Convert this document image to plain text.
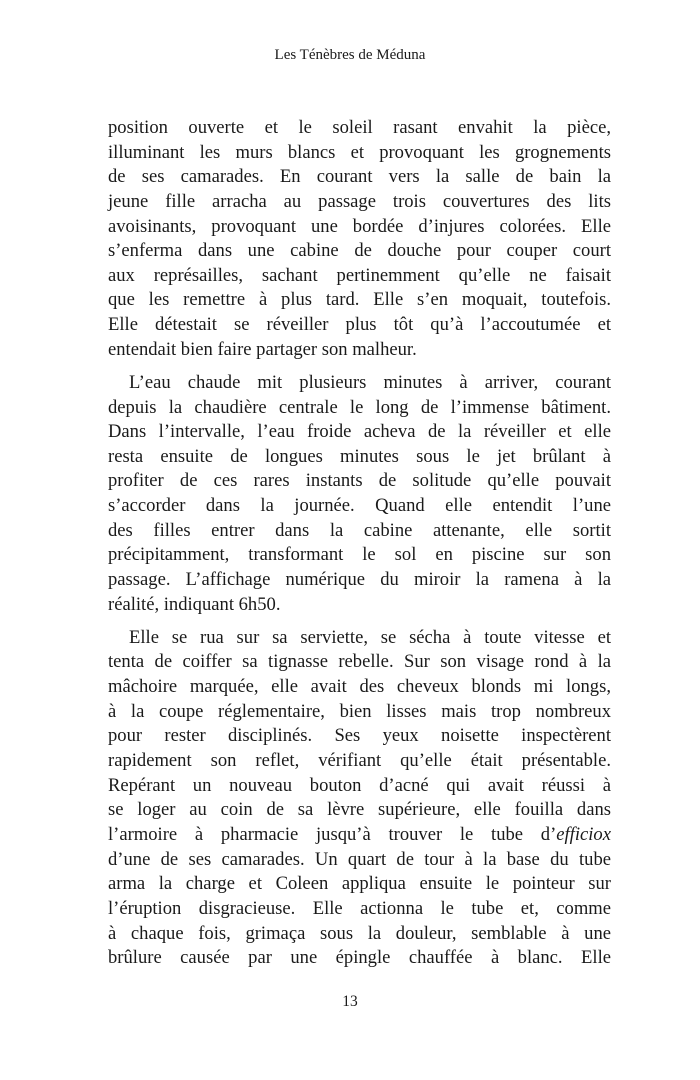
Les Ténèbres de Méduna
position ouverte et le soleil rasant envahit la pièce,
illuminant les murs blancs et provoquant les grognements
de ses camarades. En courant vers la salle de bain la
jeune fille arracha au passage trois couvertures des lits
avoisinants, provoquant une bordée d’injures colorées. Elle
s’enferma dans une cabine de douche pour couper court
aux représailles, sachant pertinemment qu’elle ne faisait
que les remettre à plus tard. Elle s’en moquait, toutefois.
Elle détestait se réveiller plus tôt qu’à l’accoutumée et
entendait bien faire partager son malheur.
L’eau chaude mit plusieurs minutes à arriver, courant
depuis la chaudière centrale le long de l’immense bâtiment.
Dans l’intervalle, l’eau froide acheva de la réveiller et elle
resta ensuite de longues minutes sous le jet brûlant à
profiter de ces rares instants de solitude qu’elle pouvait
s’accorder dans la journée. Quand elle entendit l’une
des filles entrer dans la cabine attenante, elle sortit
précipitamment, transformant le sol en piscine sur son
passage. L’affichage numérique du miroir la ramena à la
réalité, indiquant 6h50.
Elle se rua sur sa serviette, se sécha à toute vitesse et
tenta de coiffer sa tignasse rebelle. Sur son visage rond à la
mâchoire marquée, elle avait des cheveux blonds mi longs,
à la coupe réglementaire, bien lisses mais trop nombreux
pour rester disciplinés. Ses yeux noisette inspectèrent
rapidement son reflet, vérifiant qu’elle était présentable.
Repérant un nouveau bouton d’acné qui avait réussi à
se loger au coin de sa lèvre supérieure, elle fouilla dans
l’armoire à pharmacie jusqu’à trouver le tube d’efficiox
d’une de ses camarades. Un quart de tour à la base du tube
arma la charge et Coleen appliqua ensuite le pointeur sur
l’éruption disgracieuse. Elle actionna le tube et, comme
à chaque fois, grimaça sous la douleur, semblable à une
brûlure causée par une épingle chauffée à blanc. Elle
13
